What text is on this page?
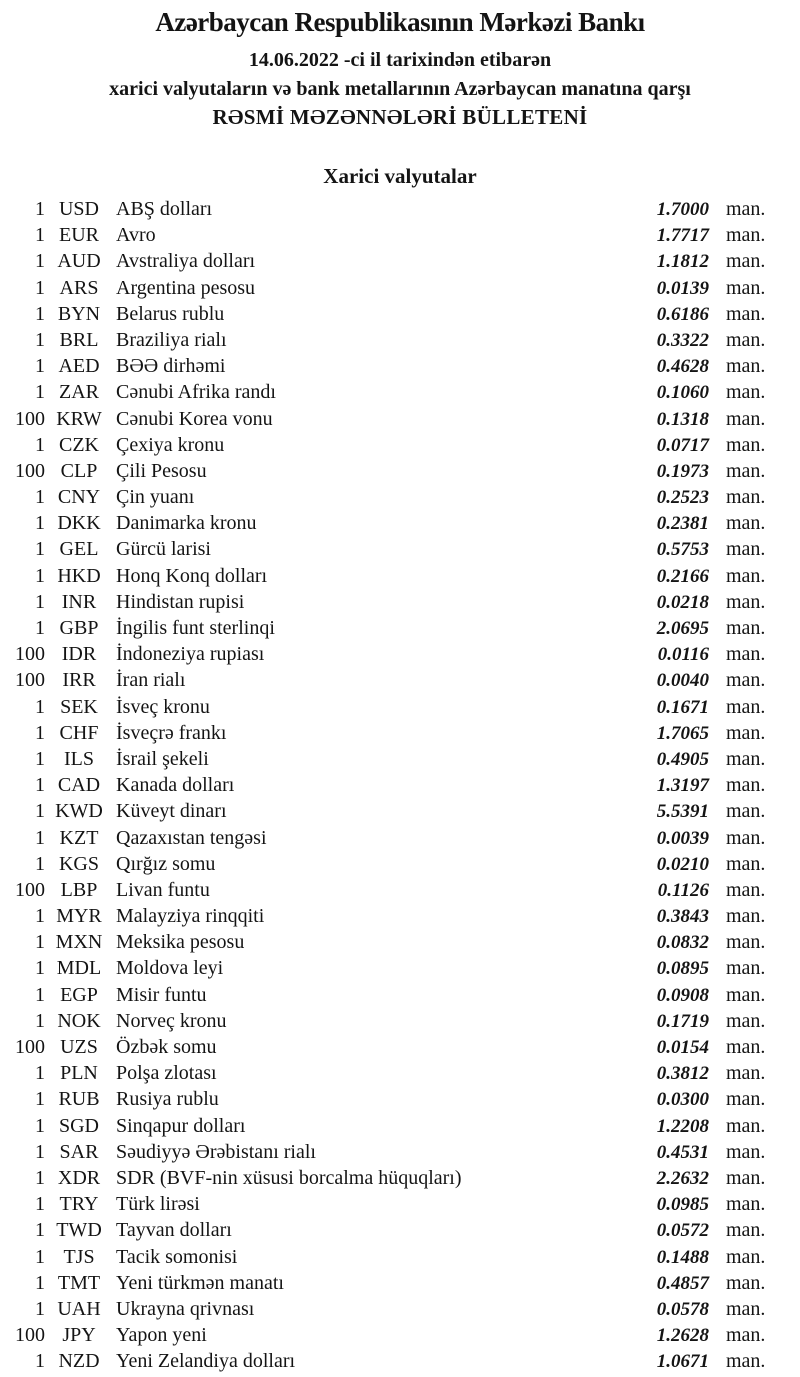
Azərbaycan Respublikasının Mərkəzi Bankı
14.06.2022 -ci il tarixindən etibarən
xarici valyutaların və bank metallarının Azərbaycan manatına qarşı
RƏSMİ MƏZƏNNƏLƏRİ BÜLLETENİ
Xarici valyutalar
1 USD ABŞ dolları	1.7000 man.
1 EUR Avro	1.7717 man.
1 AUD Avstraliya dolları	1.1812 man.
1 ARS Argentina pesosu	0.0139 man.
1 BYN Belarus rublu	0.6186 man.
1 BRL Braziliya rialı	0.3322 man.
1 AED BƏƏ dirhəmi	0.4628 man.
1 ZAR Cənubi Afrika randı	0.1060 man.
100 KRW Cənubi Korea vonu	0.1318 man.
1 CZK Çexiya kronu	0.0717 man.
100 CLP Çili Pesosu	0.1973 man.
1 CNY Çin yuanı	0.2523 man.
1 DKK Danimarka kronu	0.2381 man.
1 GEL Gürcü larisi	0.5753 man.
1 HKD Honq Konq dolları	0.2166 man.
1 INR Hindistan rupisi	0.0218 man.
1 GBP İngilis funt sterlinqi	2.0695 man.
100 IDR İndoneziya rupiası	0.0116 man.
100 IRR	İran rialı	0.0040 man.
1 SEK İsveç kronu	0.1671 man.
1 CHF İsveçrə frankı	1.7065 man.
1 ILS	İsrail şekeli	0.4905 man.
1 CAD Kanada dolları	1.3197 man.
1 KWD Küveyt dinarı	5.5391 man.
1 KZT Qazaxıstan tengəsi	0.0039 man.
1 KGS Qırğız somu	0.0210 man.
100 LBP Livan funtu	0.1126 man.
1 MYR Malayziya rinqqiti	0.3843 man.
1 MXN Meksika pesosu	0.0832 man.
1 MDL Moldova leyi	0.0895 man.
1 EGP Misir funtu	0.0908 man.
1 NOK Norveç kronu	0.1719 man.
100 UZS Özbək somu	0.0154 man.
1 PLN Polşa zlotası	0.3812 man.
1 RUB Rusiya rublu	0.0300 man.
1 SGD Sinqapur dolları	1.2208 man.
1 SAR Səudiyyə Ərəbistanı rialı	0.4531 man.
1 XDR SDR (BVF-nin xüsusi borcalma hüquqları)	2.2632 man.
1 TRY Türk lirəsi	0.0985 man.
1 TWD Tayvan dolları	0.0572 man.
1 TJS	Tacik somonisi	0.1488 man.
1 TMT Yeni türkmən manatı	0.4857 man.
1 UAH Ukrayna qrivnası	0.0578 man.
100 JPY	Yapon yeni	1.2628 man.
1 NZD Yeni Zelandiya dolları	1.0671 man.
